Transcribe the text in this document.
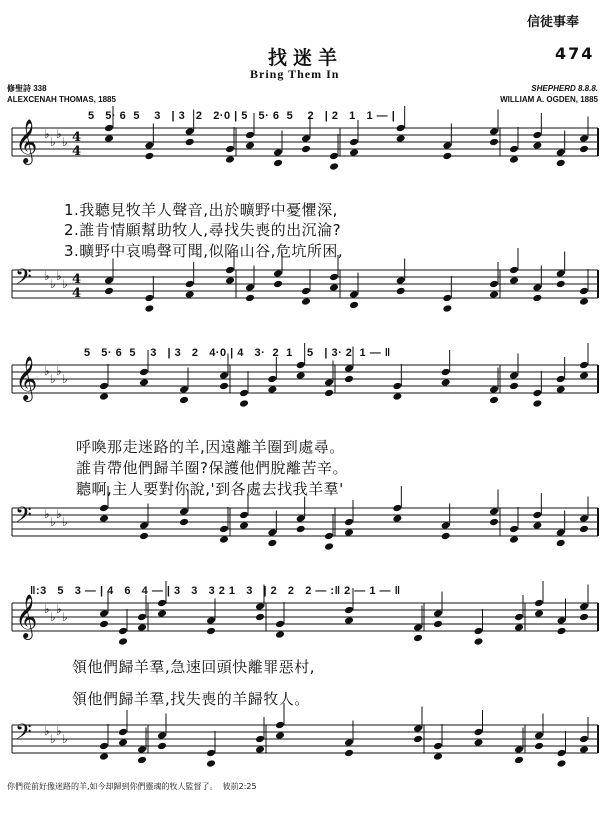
信徒事奉
474
找迷羊
Bring Them In
修聖詩 338
ALEXCENAH THOMAS, 1885
SHEPHERD 8.8.8.
WILLIAM A. OGDEN, 1885
𝄞 ♭
♭
♭
♭ 4
4
𝄢 ♭
♭
♭
♭ 4
4
𝄞 ♭
♭
♭
♭
𝄢 ♭
♭
♭
♭
𝄞 ♭
♭
♭
♭
𝄢 ♭
♭
♭
♭
5   5· 6  5    3   | 3   2   2·0 | 5   5· 6  5    2   | 2   1   1 — |
5   5· 6  5    3   | 3   2   4·0 | 4   3·  2  1    5   | 3· 2  1 — ‖
‖:3   5   3 — | 4   6   4 — | 3   3   3 2 1   3   | 2   2   2 — :‖ 2 — 1 — ‖
1.我聽見牧羊人聲音,出於曠野中憂懼深,
2.誰肯情願幫助牧人,尋找失喪的出沉淪?
3.曠野中哀鳴聲可聞,似陷山谷,危坑所困,
呼喚那走迷路的羊,因遠離羊圈到處尋。
誰肯帶他們歸羊圈?保護他們脫離苦辛。
聽啊,主人要對你說,'到各處去找我羊羣'
領他們歸羊羣,急速回頭快離罪惡村,
領他們歸羊羣,找失喪的羊歸牧人。
你們從前好像迷路的羊,如今却歸到你們靈魂的牧人監督了。  彼前2:25
